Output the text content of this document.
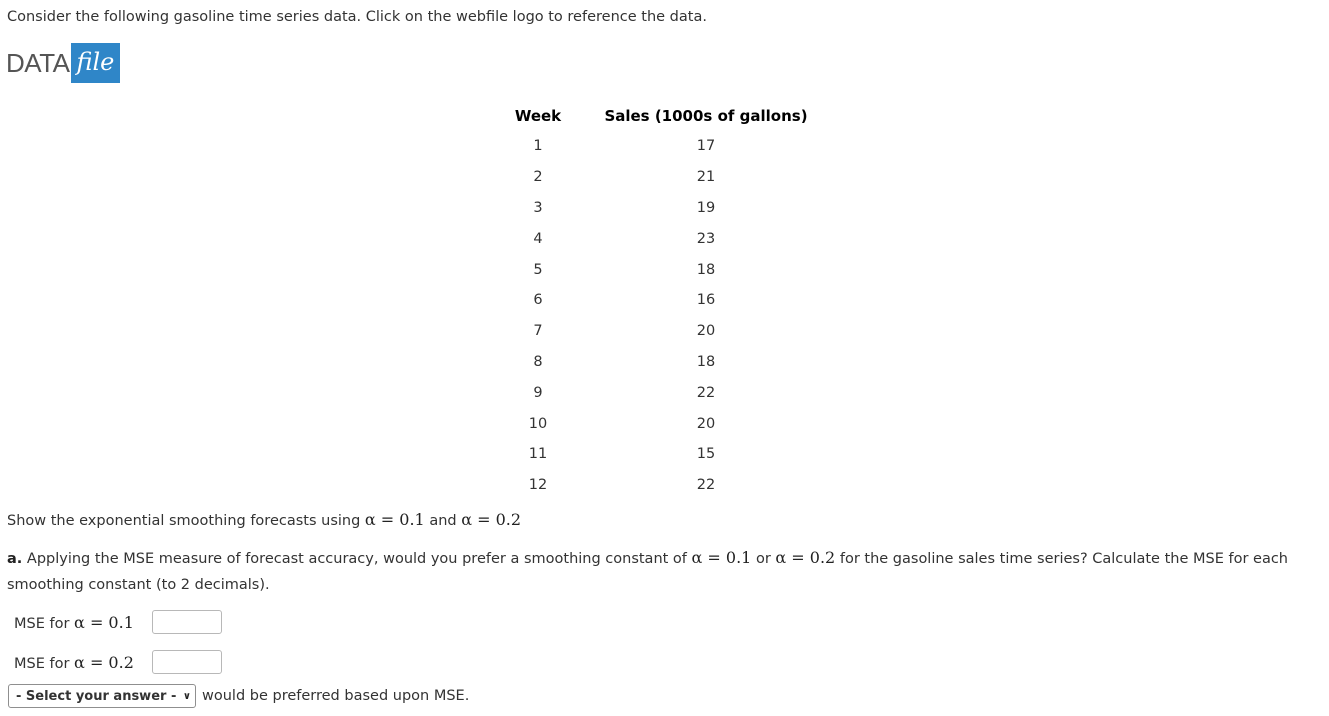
Consider the following gasoline time series data. Click on the webfile logo to reference the data.
DATA file
Week	Sales (1000s of gallons)
1	17
2	21
3	19
4	23
5	18
6	16
7	20
8	18
9	22
10	20
11	15
12	22
Show the exponential smoothing forecasts using α = 0.1 and α = 0.2
a. Applying the MSE measure of forecast accuracy, would you prefer a smoothing constant of α = 0.1 or α = 0.2 for the gasoline sales time series? Calculate the MSE for each smoothing constant (to 2 decimals).
MSE for α = 0.1
MSE for α = 0.2
- Select your answer - ∨ would be preferred based upon MSE.
